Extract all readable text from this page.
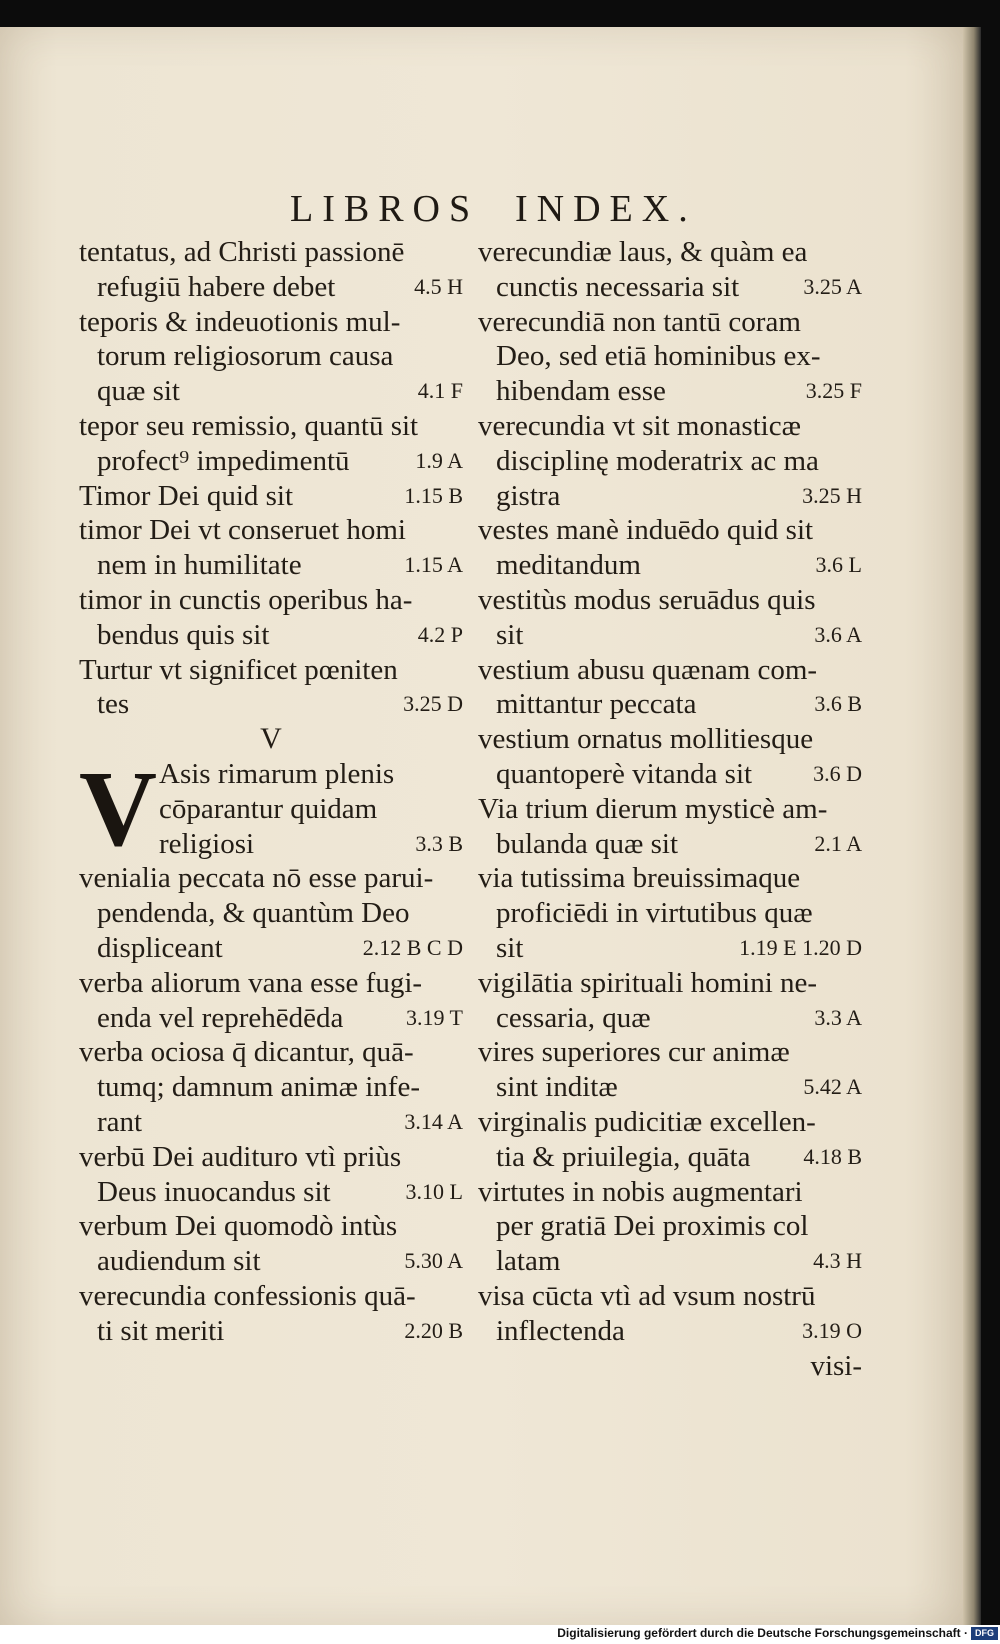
LIBROS INDEX.
tentatus, ad Christi passionē
refugiū habere debet	4.5 H
teporis & indeuotionis mul-
torum religiosorum causa
quæ sit	4.1 F
tepor seu remissio, quantū sit
profect⁹ impedimentū	1.9 A
Timor Dei quid sit	1.15 B
timor Dei vt conseruet homi
nem in humilitate	1.15 A
timor in cunctis operibus ha-
bendus quis sit	4.2 P
Turtur vt significet pœniten
tes	3.25 D
V
V Asis rimarum plenis
cōparantur quidam
religiosi	3.3 B
venialia peccata nō esse parui-
pendenda, & quantùm Deo
displiceant	2.12 B C D
verba aliorum vana esse fugi-
enda vel reprehēdēda	3.19 T
verba ociosa q̄ dicantur, quā-
tumq; damnum animæ infe-
rant	3.14 A
verbū Dei audituro vtì priùs
Deus inuocandus sit	3.10 L
verbum Dei quomodò intùs
audiendum sit	5.30 A
verecundia confessionis quā-
ti sit meriti	2.20 B
verecundiæ laus, & quàm ea
cunctis necessaria sit	3.25 A
verecundiā non tantū coram
Deo, sed etiā hominibus ex-
hibendam esse	3.25 F
verecundia vt sit monasticæ
disciplinę moderatrix ac ma
gistra	3.25 H
vestes manè induēdo quid sit
meditandum	3.6 L
vestitùs modus seruādus quis
sit	3.6 A
vestium abusu quænam com-
mittantur peccata	3.6 B
vestium ornatus mollitiesque
quantoperè vitanda sit	3.6 D
Via trium dierum mysticè am-
bulanda quæ sit	2.1 A
via tutissima breuissimaque
proficiēdi in virtutibus quæ
sit	1.19 E 1.20 D
vigilātia spirituali homini ne-
cessaria, quæ	3.3 A
vires superiores cur animæ
sint inditæ	5.42 A
virginalis pudicitiæ excellen-
tia & priuilegia, quāta	4.18 B
virtutes in nobis augmentari
per gratiā Dei proximis col
latam	4.3 H
visa cūcta vtì ad vsum nostrū
inflectenda	3.19 O
visi-
Digitalisierung gefördert durch die Deutsche Forschungsgemeinschaft · DFG
